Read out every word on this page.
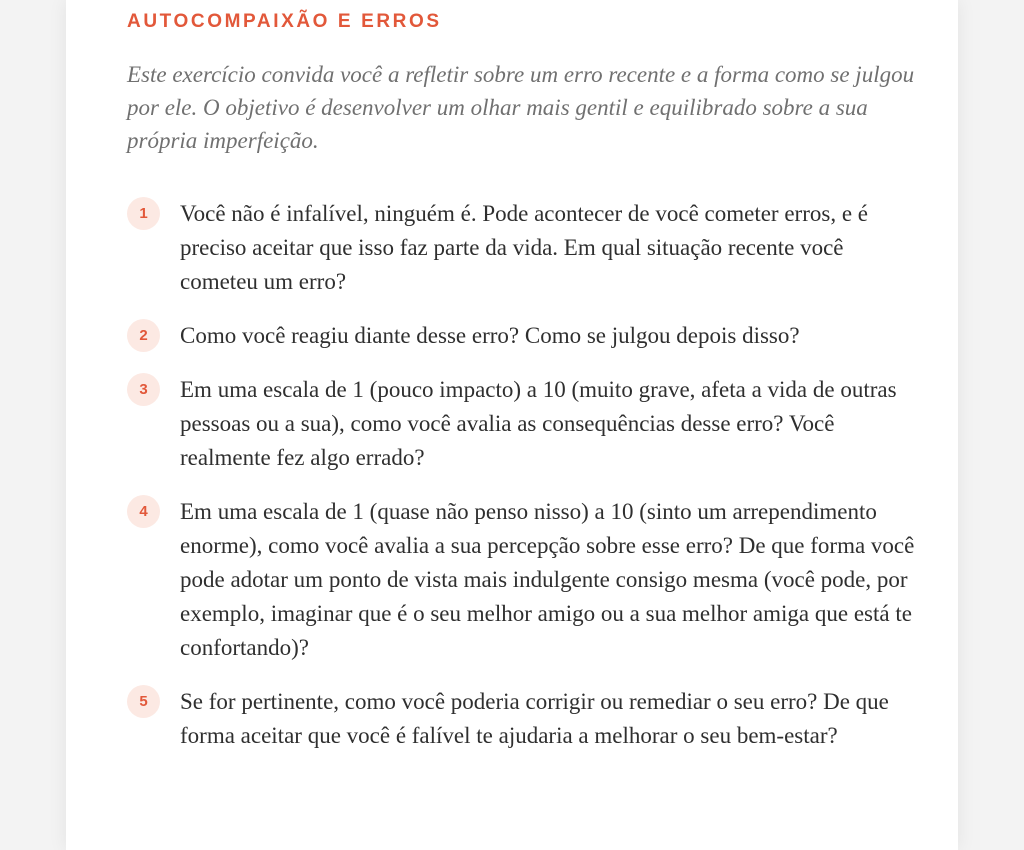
AUTOCOMPAIXÃO E ERROS

Este exercício convida você a refletir sobre um erro recente e a forma como se julgou por ele. O objetivo é desenvolver um olhar mais gentil e equilibrado sobre a sua própria imperfeição.

1	Você não é infalível, ninguém é. Pode acontecer de você cometer erros, e é preciso aceitar que isso faz parte da vida. Em qual situação recente você cometeu um erro?

2	Como você reagiu diante desse erro? Como se julgou depois disso?

3	Em uma escala de 1 (pouco impacto) a 10 (muito grave, afeta a vida de outras pessoas ou a sua), como você avalia as consequências desse erro? Você realmente fez algo errado?

4	Em uma escala de 1 (quase não penso nisso) a 10 (sinto um arrependimento enorme), como você avalia a sua percepção sobre esse erro? De que forma você pode adotar um ponto de vista mais indulgente consigo mesma (você pode, por exemplo, imaginar que é o seu melhor amigo ou a sua melhor amiga que está te confortando)?

5	Se for pertinente, como você poderia corrigir ou remediar o seu erro? De que forma aceitar que você é falível te ajudaria a melhorar o seu bem-estar?
